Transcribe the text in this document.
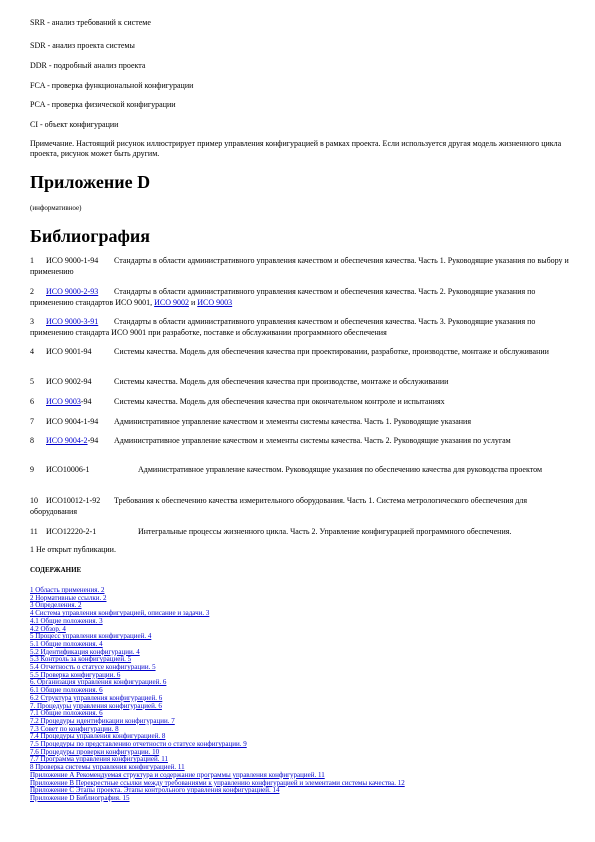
SRR - анализ требований к системе
SDR - анализ проекта системы
DDR - подробный анализ проекта
FCA - проверка функциональной конфигурации
PCA - проверка физической конфигурации
CI - объект конфигурации
Примечание. Настоящий рисунок иллюстрирует пример управления конфигурацией в рамках проекта. Если используется другая модель жизненного цикла проекта, рисунок может быть другим.
Приложение D
(информативное)
Библиография
1 ИСО 9000-1-94 Стандарты в области административного управления качеством и обеспечения качества. Часть 1. Руководящие указания по выбору и применению
2 ИСО 9000-2-93 Стандарты в области административного управления качеством и обеспечения качества. Часть 2. Руководящие указания по применению стандартов ИСО 9001, ИСО 9002 и ИСО 9003
3 ИСО 9000-3-91 Стандарты в области административного управления качеством и обеспечения качества. Часть 3. Руководящие указания по применению стандарта ИСО 9001 при разработке, поставке и обслуживании программного обеспечения
4 ИСО 9001-94	Системы качества. Модель для обеспечения качества при проектировании, разработке, производстве, монтаже и обслуживании
5 ИСО 9002-94	Системы качества. Модель для обеспечения качества при производстве, монтаже и обслуживании
6 ИСО 9003-94	Системы качества. Модель для обеспечения качества при окончательном контроле и испытаниях
7 ИСО 9004-1-94 Административное управление качеством и элементы системы качества. Часть 1. Руководящие указания
8 ИСО 9004-2-94 Административное управление качеством и элементы системы качества. Часть 2. Руководящие указания по услугам
9 ИСО10006-1	Административное управление качеством. Руководящие указания по обеспечению качества для руководства проектом
10 ИСО10012-1-92 Требования к обеспечению качества измерительного оборудования. Часть 1. Система метрологического обеспечения для оборудования
11 ИСО12220-2-1	Интегральные процессы жизненного цикла. Часть 2. Управление конфигурацией программного обеспечения.
1 Не открыт публикации.
СОДЕРЖАНИЕ
1 Область применения. 2
2 Нормативные ссылки. 2
3 Определения. 2
4 Система управления конфигурацией, описание и задачи. 3
4.1 Общие положения. 3
4.2 Обзор. 4
5 Процесс управления конфигурацией. 4
5.1 Общие положения. 4
5.2 Идентификация конфигурации. 4
5.3 Контроль за конфигурацией. 5
5.4 Отчетность о статусе конфигурации. 5
5.5 Проверка конфигурации. 6
6. Организация управления конфигурацией. 6
6.1 Общие положения. 6
6.2 Структура управления конфигурацией. 6
7. Процедуры управления конфигурацией. 6
7.1 Общие положения. 6
7.2 Процедуры идентификации конфигурации. 7
7.3 Совет по конфигурации. 8
7.4 Процедуры управления конфигурацией. 8
7.5 Процедуры по представлению отчетности о статусе конфигурации. 9
7.6 Процедуры проверки конфигурации. 10
7.7 Программа управления конфигурацией. 11
8 Проверка системы управления конфигурацией. 11
Приложение А Рекомендуемая структура и содержание программы управления конфигурацией. 11
Приложение В Перекрестные ссылки между требованиями к управлению конфигурацией и элементами системы качества. 12
Приложение С Этапы проекта. Этапы контрольного управления конфигурацией. 14
Приложение D Библиография. 15
